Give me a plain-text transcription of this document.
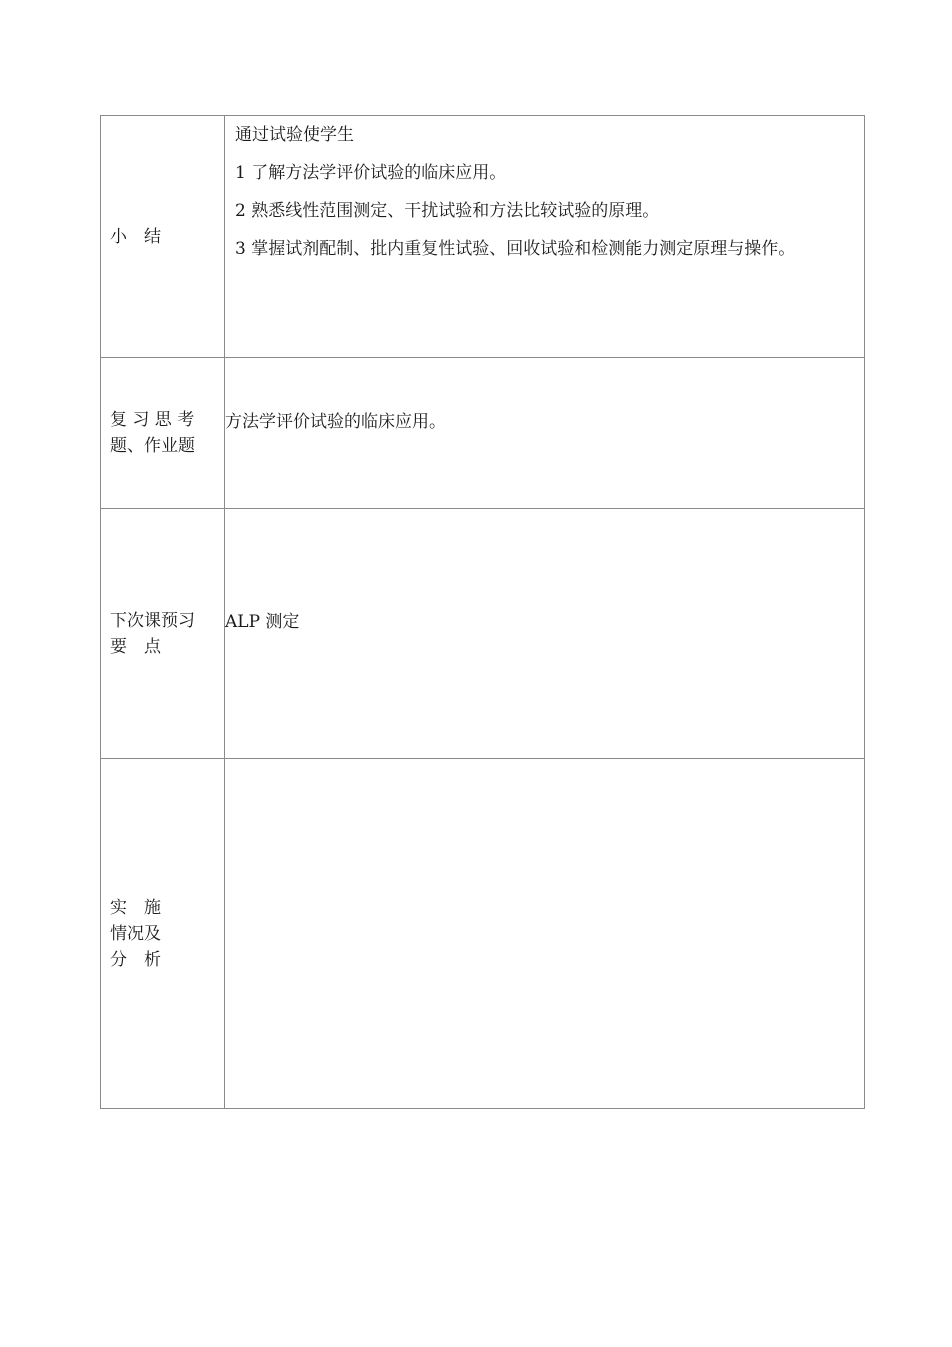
小　结	通过试验使学生
1 了解方法学评价试验的临床应用。
2 熟悉线性范围测定、干扰试验和方法比较试验的原理。
3 掌握试剂配制、批内重复性试验、回收试验和检测能力测定原理与操作。

复 习 思 考
题、作业题	方法学评价试验的临床应用。

下次课预习
要　点	ALP 测定

实　施
情况及
分　析	
